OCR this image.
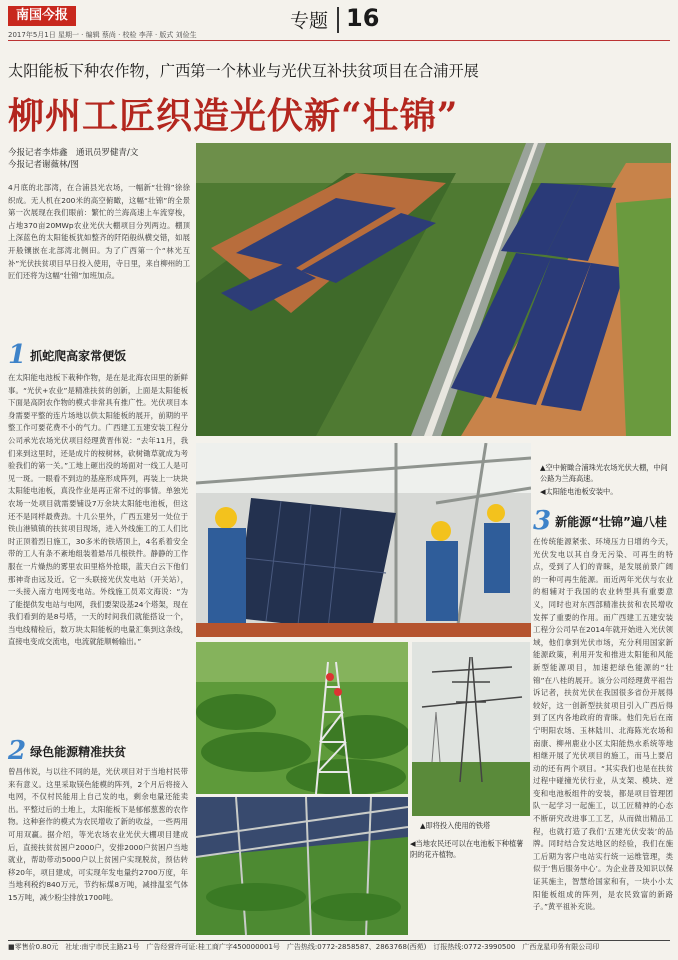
南国今报
2017年5月1日 星期一 · 编辑 蔡尚 · 校检 李萍 · 版式 刘俭生
专题 16
太阳能板下种农作物，广西第一个林业与光伏互补扶贫项目在合浦开展
柳州工匠织造光伏新“壮锦”
今报记者李炜鑫　通讯员罗健青/文
今报记者谢薇林/图
4月底的北部湾，在合浦县光农场，一幅新“壮锦”徐徐织成。无人机在200米的高空俯瞰，这幅“壮锦”的全景第一次展现在我们眼前：繁忙的兰海高速上车流穿梭，占地370亩20MWp农业光伏大棚项目分列两边。棚顶上深蓝色的太阳能板犹如整齐的阡陌般纵横交错，如展开般镶嵌在北部湾北侧田。为了广西第一个“林光互补”光伏扶贫项目早日投入使用，寺日里，来自柳州的工匠们还将为这幅“壮锦”加班加点。
1 抓蛇爬高家常便饭
在太阳能电池板下栽种作物，是在是北海农田里的新鲜事。“光伏+农业”是精准扶贫的创新，上面是太阳能板下面是高阴农作物的模式非常具有推广性。光伏项目本身需要平整的连片场地以供太阳能板的展开，前期的平整工作可要花费不小的气力。广西建工五建安装工程分公司承光农场光伏项目经理黄晋伟说：“去年11月，我们来到这里时，还是成片的桉树林，砍树锄草就成为考验我们的第一关。”工地上砸出没的场面对一线工人是可见一斑。一眼看不到边的基座形成阵列，再装上一块块太阳能电池板，真没作业是再正常不过的事情。单独光农场一处项目就需要铺设7万余块太阳能电池板，但这还不是同样最费劲。十几公里外，广西五建另一处位于铁山港镇镇的扶贫项目现场，进入外线施工的工人们比时正顶着烈日施工，30多米的铁塔顶上，4名系着安全带的工人有条不紊地组装着悬吊几根铁件。静静的工作服在一片燥热的雾里农田里格外抢眼，蓝天白云下他们那神奇由远及近。它一头联接光伏发电站（开关站），一头接入南方电网变电站。外线施工员邓文海说：“为了能提供发电站与电网，我们要架设基24个塔架，现在我们看到的是8号塔，一天的时间我们就能搭设一个，当电线精检后，数万块太阳能板的电量汇集到这条线，直接电变成交流电，电流就能顺畅输出。”
2 绿色能源精准扶贫
曾昌伟说，与以往不同的是，光伏项目对于当地村民带来有意义。这里采取镁色能模的阵列，2个月后将接入电网，不仅村民能用上自己发的电，剩余电量还能卖出。平整过后的土地上，太阳能板下是郁郁葱葱的农作物。这种套作的模式为农民增收了新的收益，一些两用可用双赢。据介绍，等光农场农业光伏大棚项目建成后，直接扶贫贫困户2000户，安排2000户贫困户当地就业，帮助带动5000户以上贫困户实现脱贫，预估转移20年，项目建成，可实现年发电量约2700万度，年当地利税约840万元，节约标煤8万吨，减排温室气体15万吨，减少粉尘排放1700吨。
▲空中俯瞰合浦珠光农场光伏大棚，中间公路为兰海高速。
◀太阳能电池板安装中。
3 新能源“壮锦”遍八桂
在传统能源紧张、环境压力日增的今天，光伏发电以其自身无污染、可再生的特点，受到了人们的青睐，是发展前景广阔的一种可再生能源。而近两年光伏与农业的相辅对于我国的农业转型具有重要意义，同时也对东西部精准扶贫和农民增收发挥了重要的作用。而广西建工五建安装工程分公司早在2014年就开始进入光伏领域，他们拿到光伏市场，充分利用国家新能源政策，利用开发和推进太阳能和风能新型能源项目，加速把绿色能源的“壮锦”在八桂的展开。该分公司经理黄平祖告诉记者，扶贫光伏在我国很多省份开展得较好，这一创新型扶贫项目引入广西后得到了区内各地政府的青睐。他们先后在南宁明阳农场、玉林陆川、北海陈光农场和南康、柳州鹿业小区太阳能热水系统等地相继开展了光伏项目的施工，而马上要启动的还有两个项目。“其实我们也是在扶贫过程中碰撞光伏行业，从支架、模块、逆变和电池板组件的安装，都是项目管理团队一起学习一起施工，以工匠精神的心态不断研究改进事工工艺，从而做出精品工程，也就打造了我们‘五建光伏安装’的品牌。同时结合发达地区的经验，我们在施工后期为客户电站实行统一运维管理，类似于‘售后服务中心’。为企业普及知识以保证其施主，智慧给国家和有，一块小小太阳能板组成的阵列，是农民致富的新路子。”黄平祖补充说。
▲即将投入使用的铁塔
◀当地农民还可以在电池板下种植薯阴的花卉植物。
■零售价0.80元　社址:南宁市民主路21号　广告经营许可证:桂工商广字450000001号　广告热线:0772-2858587、2863768(西苑)　订报热线:0772-3990500　广西龙星印务有限公司印
